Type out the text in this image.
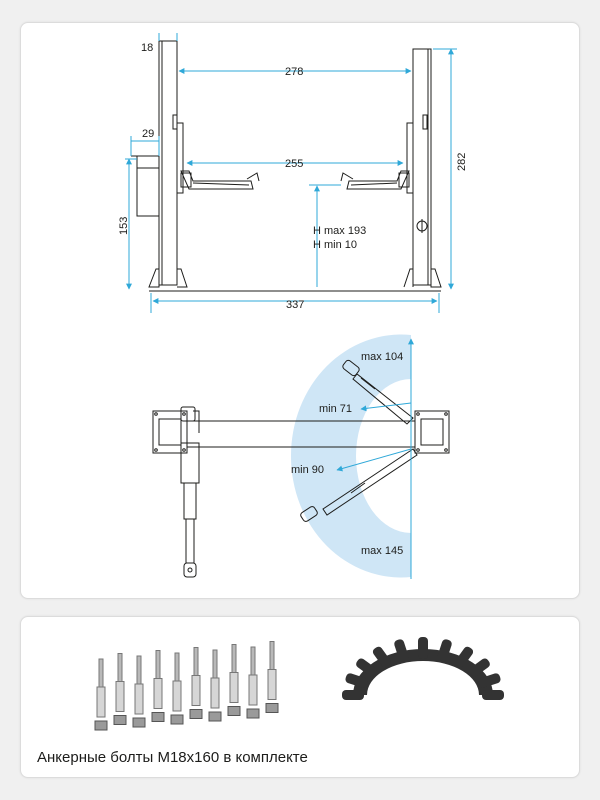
18
278
255
29
153
282
337
H max 193
H min 10
max 104
min 71
min 90
max 145
Анкерные болты М18х160 в комплекте
